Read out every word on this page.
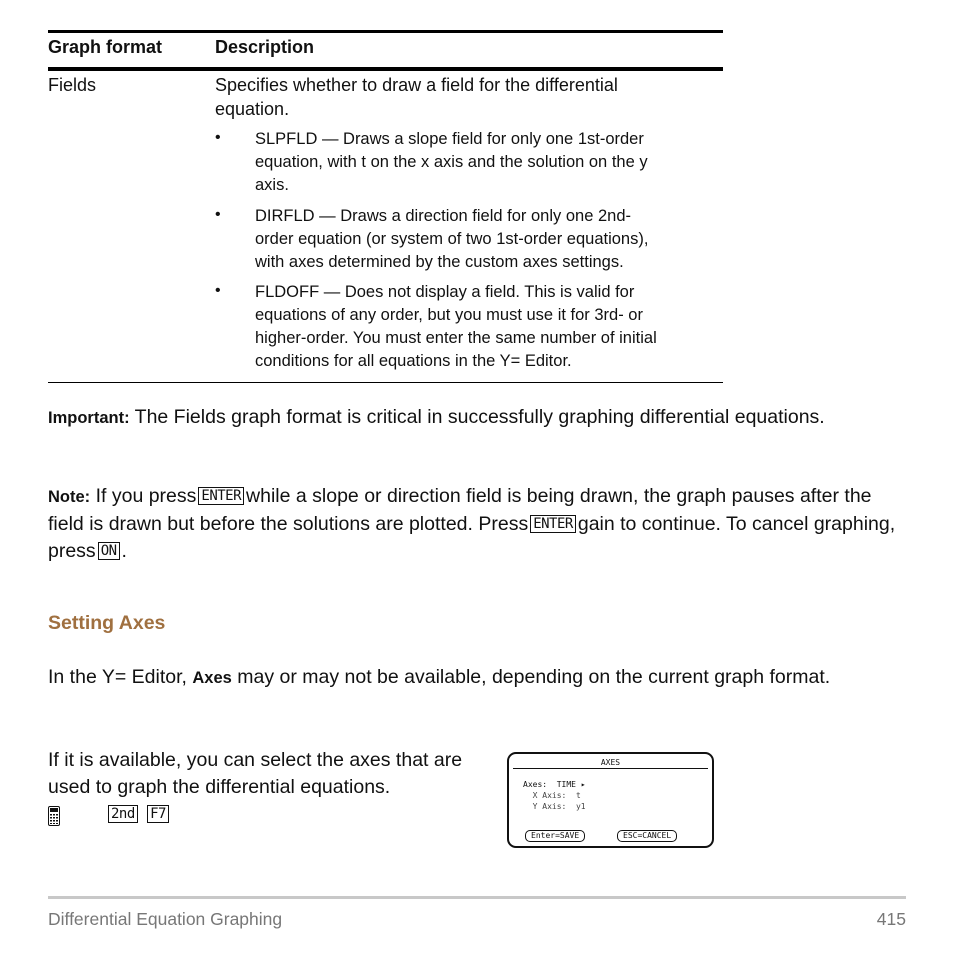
Graph format	Description
Fields	Specifies whether to draw a field for the differential equation.
• SLPFLD — Draws a slope field for only one 1st-order
equation, with t on the x axis and the solution on the y
axis.
• DIRFLD — Draws a direction field for only one 2nd-
order equation (or system of two 1st-order equations),
with axes determined by the custom axes settings.
• FLDOFF — Does not display a field. This is valid for
equations of any order, but you must use it for 3rd- or
higher-order. You must enter the same number of initial
conditions for all equations in the Y= Editor.
Important: The Fields graph format is critical in successfully graphing differential equations.
Note: If you press ENTER while a slope or direction field is being drawn, the graph pauses after the field is drawn but before the solutions are plotted. Press ENTER gain to continue. To cancel graphing, press ON .
Setting Axes
In the Y= Editor, Axes may or may not be available, depending on the current graph format.
If it is available, you can select the axes that are used to graph the differential equations.
2nd F7
AXES
Axes:  TIME ▸
X Axis:  t
Y Axis:  y1
Enter=SAVE	ESC=CANCEL
Differential Equation Graphing	415
